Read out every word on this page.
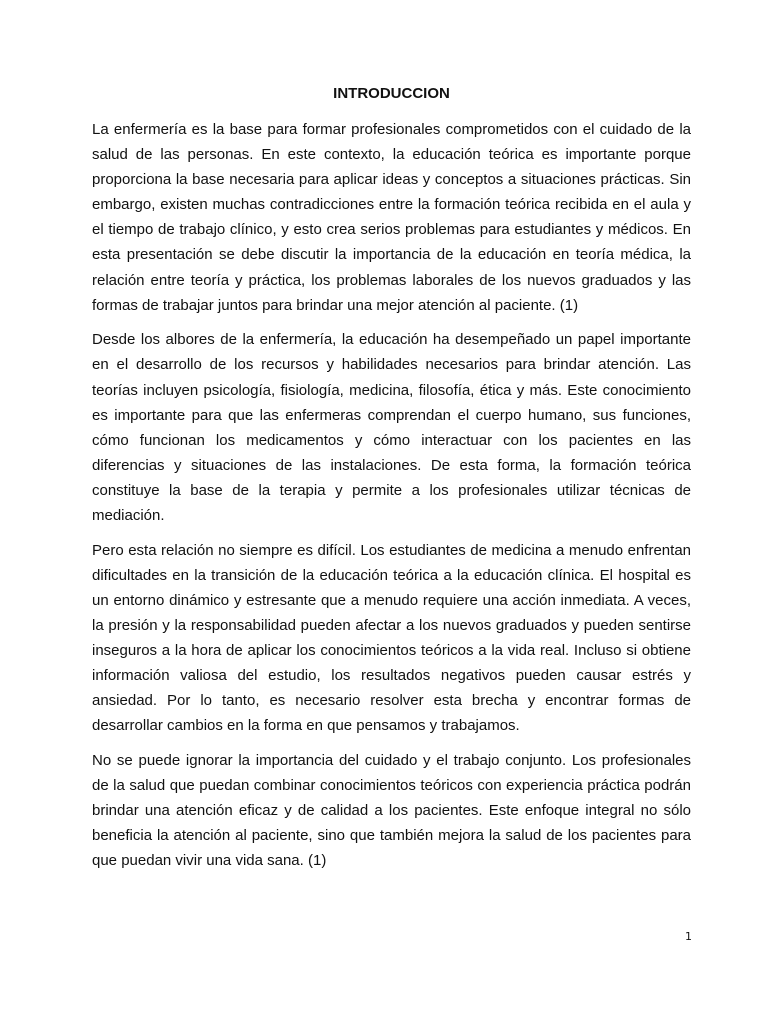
INTRODUCCION

La enfermería es la base para formar profesionales comprometidos con el cuidado de la salud de las personas. En este contexto, la educación teórica es importante porque proporciona la base necesaria para aplicar ideas y conceptos a situaciones prácticas. Sin embargo, existen muchas contradicciones entre la formación teórica recibida en el aula y el tiempo de trabajo clínico, y esto crea serios problemas para estudiantes y médicos. En esta presentación se debe discutir la importancia de la educación en teoría médica, la relación entre teoría y práctica, los problemas laborales de los nuevos graduados y las formas de trabajar juntos para brindar una mejor atención al paciente. (1)

Desde los albores de la enfermería, la educación ha desempeñado un papel importante en el desarrollo de los recursos y habilidades necesarios para brindar atención. Las teorías incluyen psicología, fisiología, medicina, filosofía, ética y más. Este conocimiento es importante para que las enfermeras comprendan el cuerpo humano, sus funciones, cómo funcionan los medicamentos y cómo interactuar con los pacientes en las diferencias y situaciones de las instalaciones. De esta forma, la formación teórica constituye la base de la terapia y permite a los profesionales utilizar técnicas de mediación.

Pero esta relación no siempre es difícil. Los estudiantes de medicina a menudo enfrentan dificultades en la transición de la educación teórica a la educación clínica. El hospital es un entorno dinámico y estresante que a menudo requiere una acción inmediata. A veces, la presión y la responsabilidad pueden afectar a los nuevos graduados y pueden sentirse inseguros a la hora de aplicar los conocimientos teóricos a la vida real. Incluso si obtiene información valiosa del estudio, los resultados negativos pueden causar estrés y ansiedad. Por lo tanto, es necesario resolver esta brecha y encontrar formas de desarrollar cambios en la forma en que pensamos y trabajamos.

No se puede ignorar la importancia del cuidado y el trabajo conjunto. Los profesionales de la salud que puedan combinar conocimientos teóricos con experiencia práctica podrán brindar una atención eficaz y de calidad a los pacientes. Este enfoque integral no sólo beneficia la atención al paciente, sino que también mejora la salud de los pacientes para que puedan vivir una vida sana. (1)

1
